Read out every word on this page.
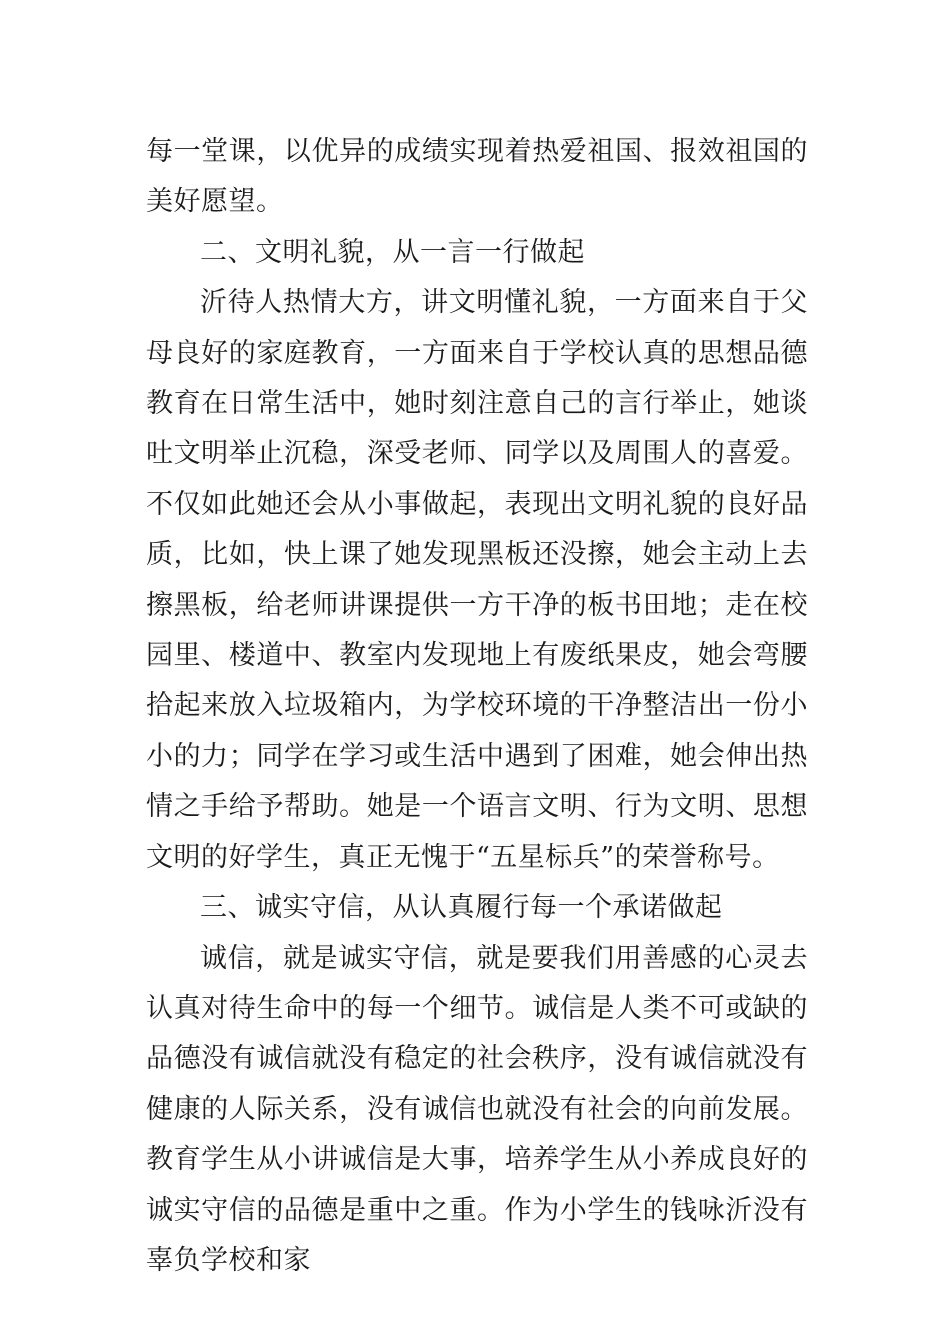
每一堂课，以优异的成绩实现着热爱祖国、报效祖国的美好愿望。

二、文明礼貌，从一言一行做起

沂待人热情大方，讲文明懂礼貌，一方面来自于父母良好的家庭教育，一方面来自于学校认真的思想品德教育在日常生活中，她时刻注意自己的言行举止，她谈吐文明举止沉稳，深受老师、同学以及周围人的喜爱。不仅如此她还会从小事做起，表现出文明礼貌的良好品质，比如，快上课了她发现黑板还没擦，她会主动上去擦黑板，给老师讲课提供一方干净的板书田地；走在校园里、楼道中、教室内发现地上有废纸果皮，她会弯腰拾起来放入垃圾箱内，为学校环境的干净整洁出一份小小的力；同学在学习或生活中遇到了困难，她会伸出热情之手给予帮助。她是一个语言文明、行为文明、思想文明的好学生，真正无愧于“五星标兵”的荣誉称号。

三、诚实守信，从认真履行每一个承诺做起

诚信，就是诚实守信，就是要我们用善感的心灵去认真对待生命中的每一个细节。诚信是人类不可或缺的品德没有诚信就没有稳定的社会秩序，没有诚信就没有健康的人际关系，没有诚信也就没有社会的向前发展。教育学生从小讲诚信是大事，培养学生从小养成良好的诚实守信的品德是重中之重。作为小学生的钱咏沂没有辜负学校和家
